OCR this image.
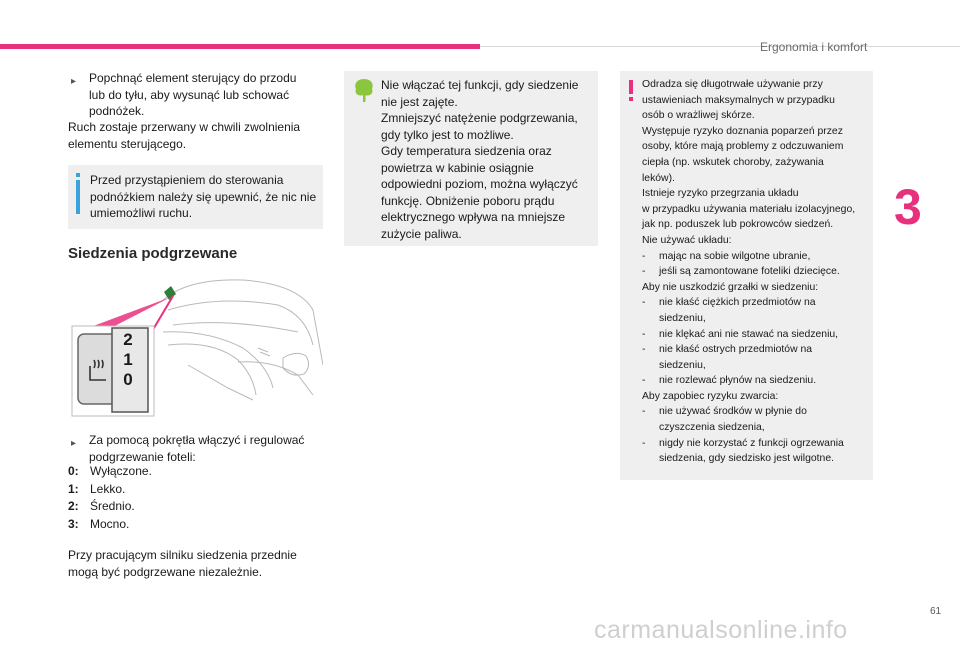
Ergonomia i komfort
3
▸ Popchnąć element sterujący do przodu
lub do tyłu, aby wysunąć lub schować
podnóżek.
Ruch zostaje przerwany w chwili zwolnienia
elementu sterującego.
Przed przystąpieniem do sterowania
podnóżkiem należy się upewnić, że nic nie
umiemożliwi ruchu.
Siedzenia podgrzewane
2
1
0
▸ Za pomocą pokrętła włączyć i regulować
podgrzewanie foteli:
0: Wyłączone.
1: Lekko.
2: Średnio.
3: Mocno.
Przy pracującym silniku siedzenia przednie
mogą być podgrzewane niezależnie.
Nie włączać tej funkcji, gdy siedzenie
nie jest zajęte.
Zmniejszyć natężenie podgrzewania,
gdy tylko jest to możliwe.
Gdy temperatura siedzenia oraz
powietrza w kabinie osiągnie
odpowiedni poziom, można wyłączyć
funkcję. Obniżenie poboru prądu
elektrycznego wpływa na mniejsze
zużycie paliwa.
Odradza się długotrwałe używanie przy
ustawieniach maksymalnych w przypadku
osób o wrażliwej skórze.
Występuje ryzyko doznania poparzeń przez
osoby, które mają problemy z odczuwaniem
ciepła (np. wskutek choroby, zażywania
leków).
Istnieje ryzyko przegrzania układu
w przypadku używania materiału izolacyjnego,
jak np. poduszek lub pokrowców siedzeń.
Nie używać układu:
-	mając na sobie wilgotne ubranie,
-	jeśli są zamontowane foteliki dziecięce.
Aby nie uszkodzić grzałki w siedzeniu:
-	nie kłaść ciężkich przedmiotów na
siedzeniu,
-	nie klękać ani nie stawać na siedzeniu,
-	nie kłaść ostrych przedmiotów na
siedzeniu,
-	nie rozlewać płynów na siedzeniu.
Aby zapobiec ryzyku zwarcia:
-	nie używać środków w płynie do
czyszczenia siedzenia,
-	nigdy nie korzystać z funkcji ogrzewania
siedzenia, gdy siedzisko jest wilgotne.
61
carmanualsonline.info
